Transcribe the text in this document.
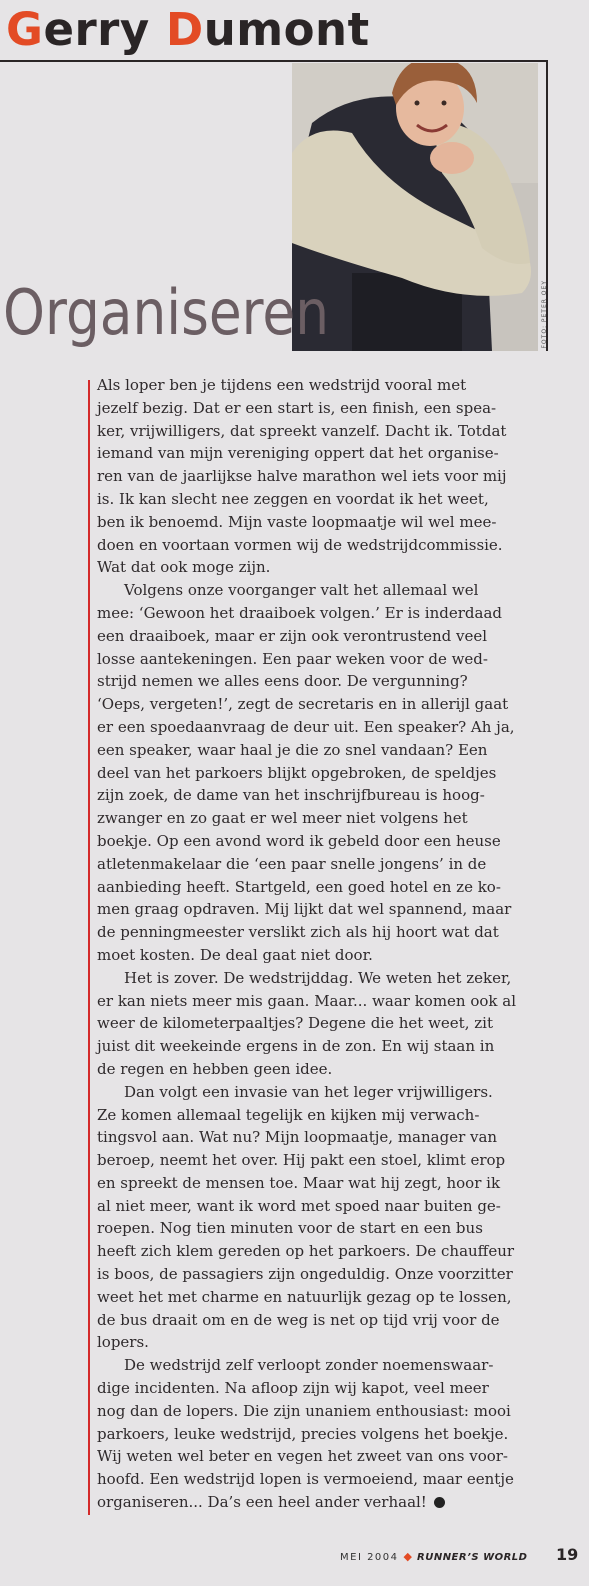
Gerry Dumont

FOTO: PETER OEY

Organiseren

Als loper ben je tijdens een wedstrijd vooral met

jezelf bezig. Dat er een start is, een finish, een spea-

ker, vrijwilligers, dat spreekt vanzelf. Dacht ik. Totdat

iemand van mijn vereniging oppert dat het organise-

ren van de jaarlijkse halve marathon wel iets voor mij

is. Ik kan slecht nee zeggen en voordat ik het weet,

ben ik benoemd. Mijn vaste loopmaatje wil wel mee-

doen en voortaan vormen wij de wedstrijdcommissie.

Wat dat ook moge zijn.

Volgens onze voorganger valt het allemaal wel

mee: ‘Gewoon het draaiboek volgen.’ Er is inderdaad

een draaiboek, maar er zijn ook verontrustend veel

losse aantekeningen. Een paar weken voor de wed-

strijd nemen we alles eens door. De vergunning?

‘Oeps, vergeten!’, zegt de secretaris en in allerijl gaat

er een spoedaanvraag de deur uit. Een speaker? Ah ja,

een speaker, waar haal je die zo snel vandaan? Een

deel van het parkoers blijkt opgebroken, de speldjes

zijn zoek, de dame van het inschrijfbureau is hoog-

zwanger en zo gaat er wel meer niet volgens het

boekje. Op een avond word ik gebeld door een heuse

atletenmakelaar die ‘een paar snelle jongens’ in de

aanbieding heeft. Startgeld, een goed hotel en ze ko-

men graag opdraven. Mij lijkt dat wel spannend, maar

de penningmeester verslikt zich als hij hoort wat dat

moet kosten. De deal gaat niet door.

Het is zover. De wedstrijddag. We weten het zeker,

er kan niets meer mis gaan. Maar... waar komen ook al

weer de kilometerpaaltjes? Degene die het weet, zit

juist dit weekeinde ergens in de zon. En wij staan in

de regen en hebben geen idee.

Dan volgt een invasie van het leger vrijwilligers.

Ze komen allemaal tegelijk en kijken mij verwach-

tingsvol aan. Wat nu? Mijn loopmaatje, manager van

beroep, neemt het over. Hij pakt een stoel, klimt erop

en spreekt de mensen toe. Maar wat hij zegt, hoor ik

al niet meer, want ik word met spoed naar buiten ge-

roepen. Nog tien minuten voor de start en een bus

heeft zich klem gereden op het parkoers. De chauffeur

is boos, de passagiers zijn ongeduldig. Onze voorzitter

weet het met charme en natuurlijk gezag op te lossen,

de bus draait om en de weg is net op tijd vrij voor de

lopers.

De wedstrijd zelf verloopt zonder noemenswaar-

dige incidenten. Na afloop zijn wij kapot, veel meer

nog dan de lopers. Die zijn unaniem enthousiast: mooi

parkoers, leuke wedstrijd, precies volgens het boekje.

Wij weten wel beter en vegen het zweet van ons voor-

hoofd. Een wedstrijd lopen is vermoeiend, maar eentje

organiseren... Da’s een heel ander verhaal!

MEI 2004 ◆ RUNNER’S WORLD 19
